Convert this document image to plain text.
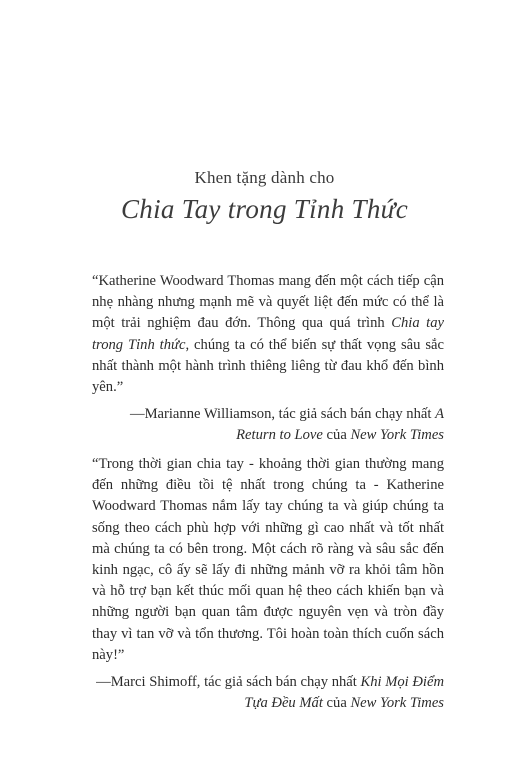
Khen tặng dành cho

Chia Tay trong Tỉnh Thức

“Katherine Woodward Thomas mang đến một cách tiếp cận nhẹ nhàng nhưng mạnh mẽ và quyết liệt đến mức có thể là một trải nghiệm đau đớn. Thông qua quá trình Chia tay trong Tỉnh thức, chúng ta có thể biến sự thất vọng sâu sắc nhất thành một hành trình thiêng liêng từ đau khổ đến bình yên.”

—Marianne Williamson, tác giả sách bán chạy nhất A Return to Love của New York Times

“Trong thời gian chia tay - khoảng thời gian thường mang đến những điều tồi tệ nhất trong chúng ta - Katherine Woodward Thomas nắm lấy tay chúng ta và giúp chúng ta sống theo cách phù hợp với những gì cao nhất và tốt nhất mà chúng ta có bên trong. Một cách rõ ràng và sâu sắc đến kinh ngạc, cô ấy sẽ lấy đi những mảnh vỡ ra khỏi tâm hồn và hỗ trợ bạn kết thúc mối quan hệ theo cách khiến bạn và những người bạn quan tâm được nguyên vẹn và tròn đầy thay vì tan vỡ và tổn thương. Tôi hoàn toàn thích cuốn sách này!”

—Marci Shimoff, tác giả sách bán chạy nhất Khi Mọi Điểm Tựa Đều Mất của New York Times
